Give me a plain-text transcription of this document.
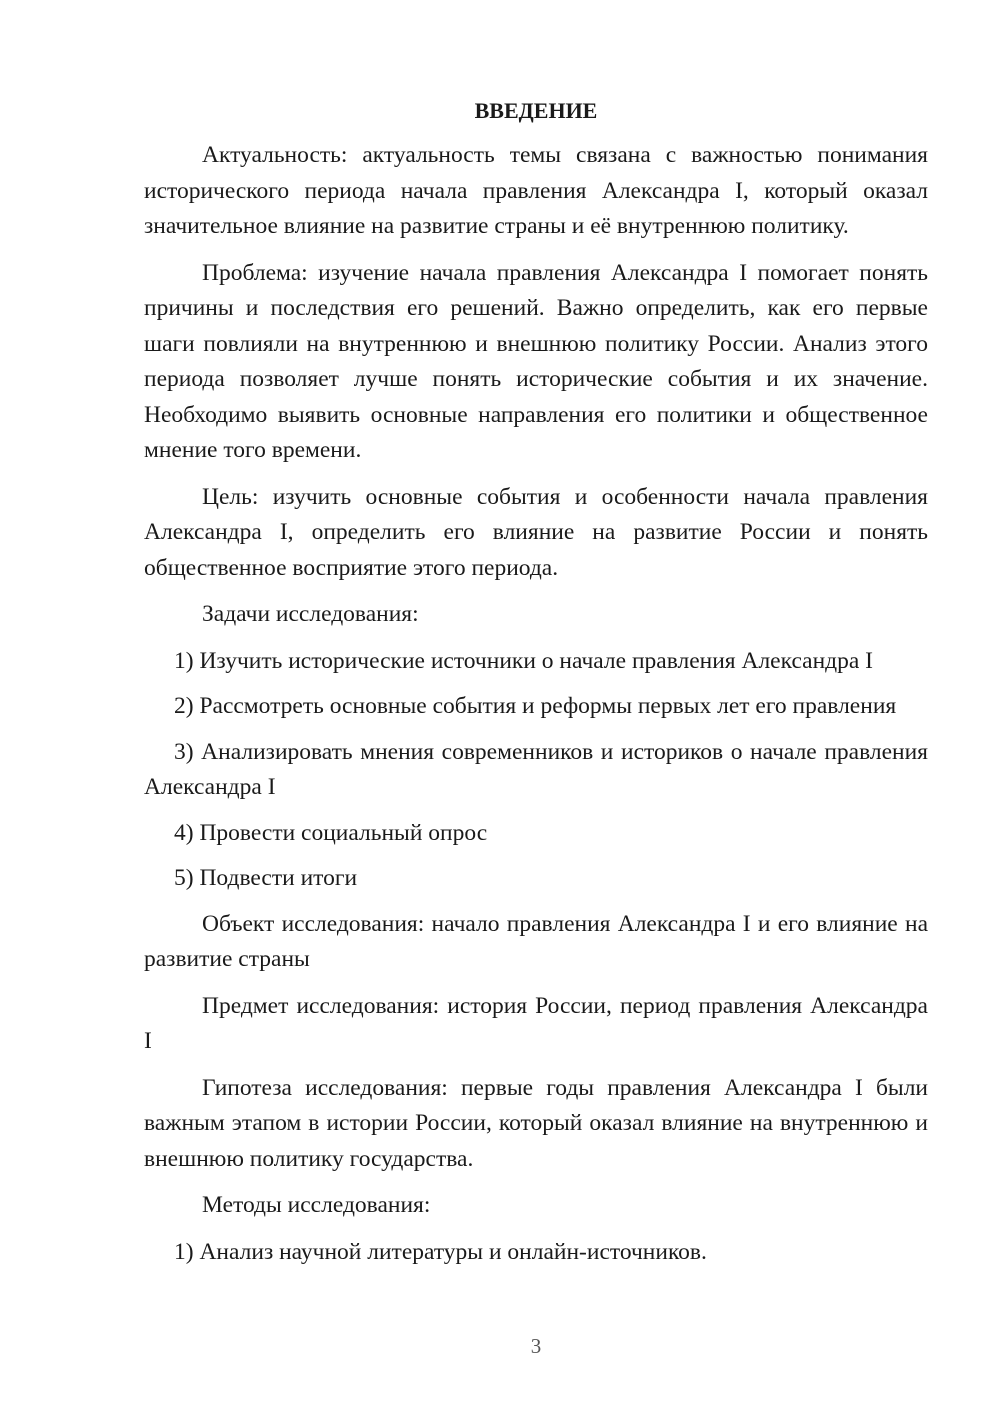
ВВЕДЕНИЕ

Актуальность: актуальность темы связана с важностью понимания исторического периода начала правления Александра I, который оказал значительное влияние на развитие страны и её внутреннюю политику.

Проблема: изучение начала правления Александра I помогает понять причины и последствия его решений. Важно определить, как его первые шаги повлияли на внутреннюю и внешнюю политику России. Анализ этого периода позволяет лучше понять исторические события и их значение. Необходимо выявить основные направления его политики и общественное мнение того времени.

Цель: изучить основные события и особенности начала правления Александра I, определить его влияние на развитие России и понять общественное восприятие этого периода.

Задачи исследования:

1) Изучить исторические источники о начале правления Александра I

2) Рассмотреть основные события и реформы первых лет его правления

3) Анализировать мнения современников и историков о начале правления Александра I

4) Провести социальный опрос

5) Подвести итоги

Объект исследования: начало правления Александра I и его влияние на развитие страны

Предмет исследования: история России, период правления Александра I

Гипотеза исследования: первые годы правления Александра I были важным этапом в истории России, который оказал влияние на внутреннюю и внешнюю политику государства.

Методы исследования:

1) Анализ научной литературы и онлайн-источников.

3
